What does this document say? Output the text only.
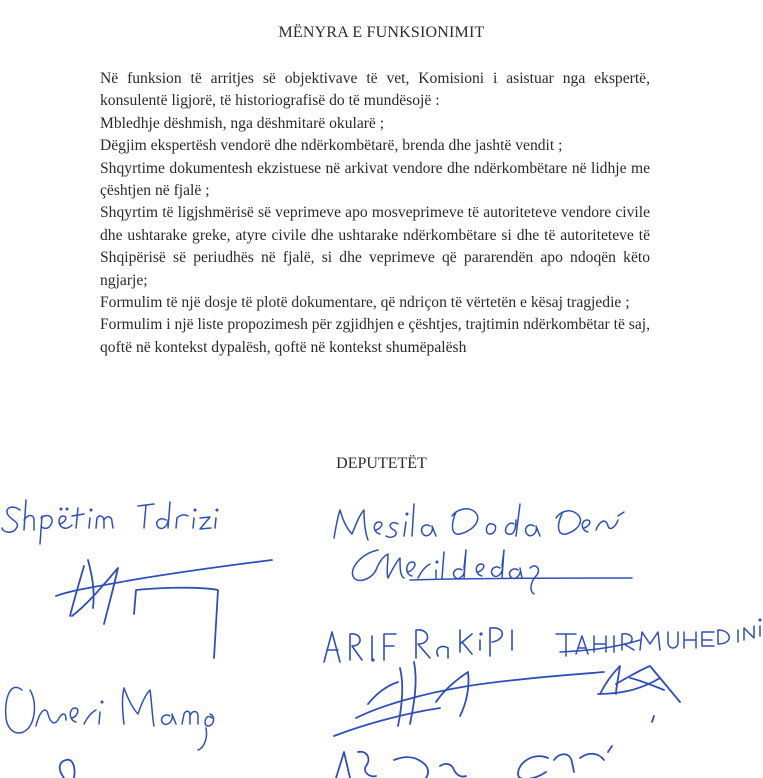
MËNYRA E FUNKSIONIMIT

Në funksion të arritjes së objektivave të vet, Komisioni i asistuar nga ekspertë, konsulentë ligjorë, të historiografisë do të mundësojë :

Mbledhje dëshmish, nga dëshmitarë okularë ;

Dëgjim ekspertësh vendorë dhe ndërkombëtarë, brenda dhe jashtë vendit ;

Shqyrtime dokumentesh ekzistuese në arkivat vendore dhe ndërkombëtare në lidhje me çështjen në fjalë ;

Shqyrtim të ligjshmërisë së veprimeve apo mosveprimeve të autoriteteve vendore civile dhe ushtarake greke, atyre civile dhe ushtarake ndërkombëtare si dhe të autoriteteve të Shqipërisë së periudhës në fjalë, si dhe veprimeve që pararendën apo ndoqën këto ngjarje;

Formulim të një dosje të plotë dokumentare, që ndriçon të vërtetën e kësaj tragjedie ;

Formulim i një liste propozimesh për zgjidhjen e çështjes, trajtimin ndërkombëtar të saj, qoftë në kontekst dypalësh, qoftë në kontekst shumëpalësh

DEPUTETËT
